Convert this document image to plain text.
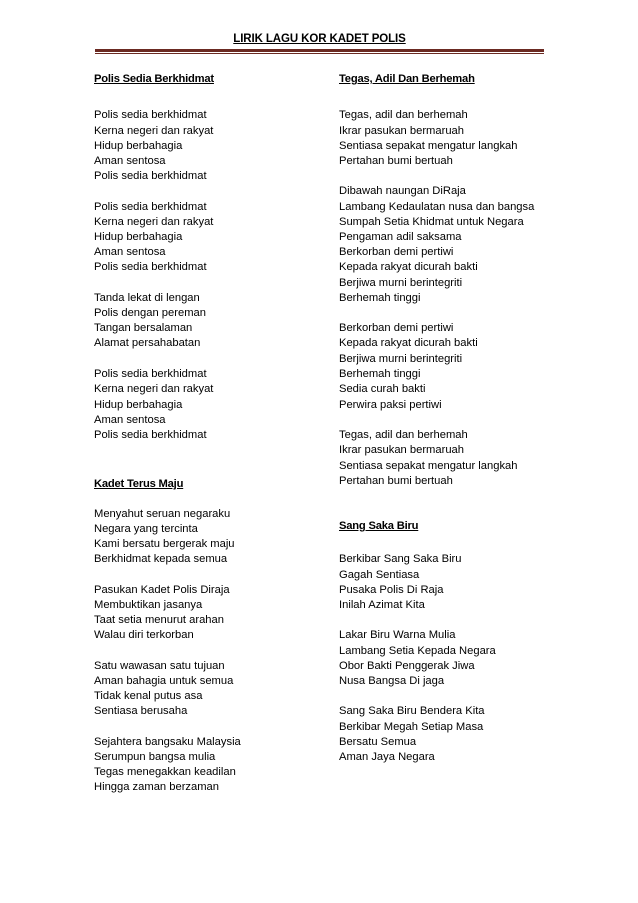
LIRIK LAGU KOR KADET POLIS
Polis Sedia Berkhidmat
Polis sedia berkhidmat
Kerna negeri dan rakyat
Hidup berbahagia
Aman sentosa
Polis sedia berkhidmat
Polis sedia berkhidmat
Kerna negeri dan rakyat
Hidup berbahagia
Aman sentosa
Polis sedia berkhidmat
Tanda lekat di lengan
Polis dengan pereman
Tangan bersalaman
Alamat persahabatan
Polis sedia berkhidmat
Kerna negeri dan rakyat
Hidup berbahagia
Aman sentosa
Polis sedia berkhidmat
Kadet Terus Maju
Menyahut seruan negaraku
Negara yang tercinta
Kami bersatu bergerak maju
Berkhidmat kepada semua
Pasukan Kadet Polis Diraja
Membuktikan jasanya
Taat setia menurut arahan
Walau diri terkorban
Satu wawasan satu tujuan
Aman bahagia untuk semua
Tidak kenal putus asa
Sentiasa berusaha
Sejahtera bangsaku Malaysia
Serumpun bangsa mulia
Tegas menegakkan keadilan
Hingga zaman berzaman
Tegas, Adil Dan Berhemah
Tegas, adil dan berhemah
Ikrar pasukan bermaruah
Sentiasa sepakat mengatur langkah
Pertahan bumi bertuah
Dibawah naungan DiRaja
Lambang Kedaulatan nusa dan bangsa
Sumpah Setia Khidmat untuk Negara
Pengaman adil saksama
Berkorban demi pertiwi
Kepada rakyat dicurah bakti
Berjiwa murni berintegriti
Berhemah tinggi
Berkorban demi pertiwi
Kepada rakyat dicurah bakti
Berjiwa murni berintegriti
Berhemah tinggi
Sedia curah bakti
Perwira paksi pertiwi
Tegas, adil dan berhemah
Ikrar pasukan bermaruah
Sentiasa sepakat mengatur langkah
Pertahan bumi bertuah
Sang Saka Biru
Berkibar Sang Saka Biru
Gagah Sentiasa
Pusaka Polis Di Raja
Inilah Azimat Kita
Lakar Biru Warna Mulia
Lambang Setia Kepada Negara
Obor Bakti Penggerak Jiwa
Nusa Bangsa Di jaga
Sang Saka Biru Bendera Kita
Berkibar Megah Setiap Masa
Bersatu Semua
Aman Jaya Negara
